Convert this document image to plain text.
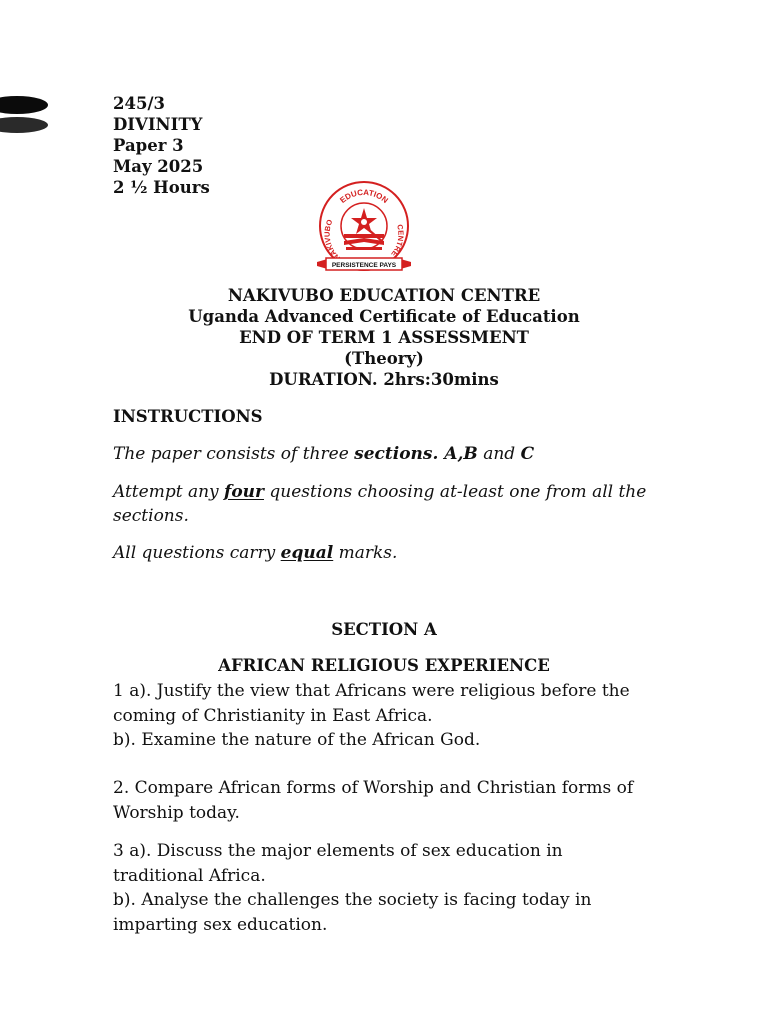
245/3
DIVINITY
Paper 3
May 2025
2 ½ Hours
EDUCATION
AKIVUBO
CENTRE
PERSISTENCE PAYS
NAKIVUBO EDUCATION CENTRE
Uganda Advanced Certificate of Education
END OF TERM 1 ASSESSMENT
(Theory)
DURATION. 2hrs:30mins
INSTRUCTIONS
The paper consists of three sections. A,B and C
Attempt any four questions choosing at-least one from all the sections.
All questions carry equal marks.
SECTION A
AFRICAN RELIGIOUS EXPERIENCE
1 a). Justify the view that Africans were religious before the coming of Christianity in East Africa.
b). Examine the nature of the African God.
2. Compare African forms of Worship and Christian forms of Worship today.
3 a). Discuss the major elements of sex education in traditional Africa.
b). Analyse the challenges the society is facing today in imparting sex education.
